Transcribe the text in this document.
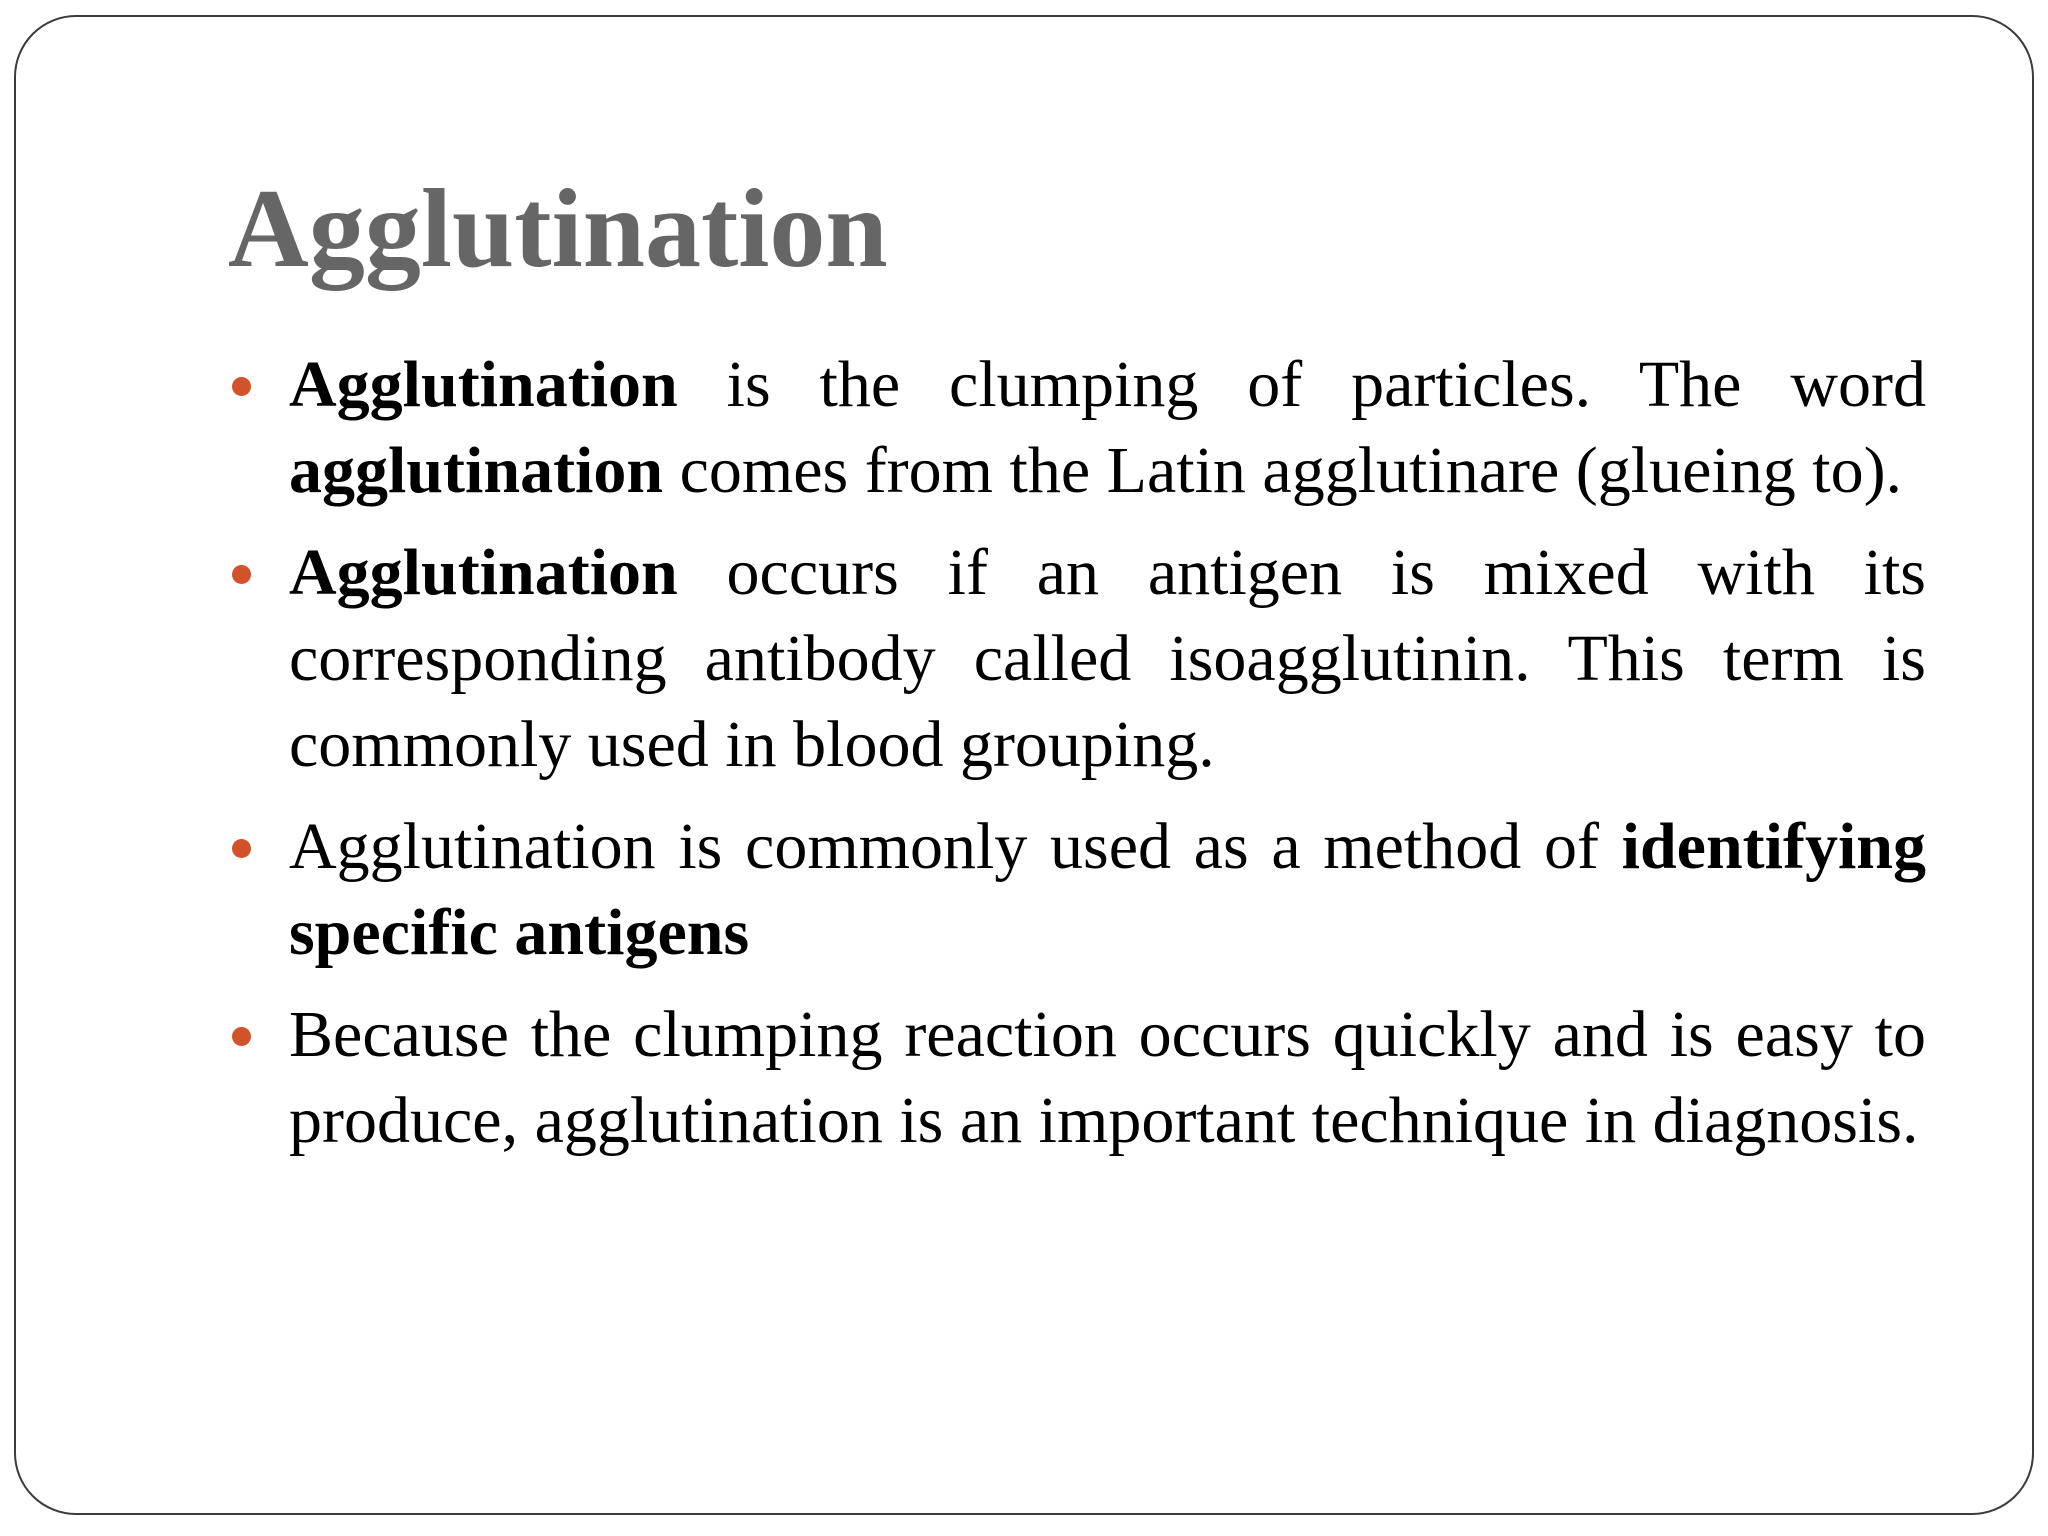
Agglutination
Agglutination is the clumping of particles. The word agglutination comes from the Latin agglutinare (glueing to).
Agglutination occurs if an antigen is mixed with its corresponding antibody called isoagglutinin. This term is commonly used in blood grouping.
Agglutination is commonly used as a method of identifying specific antigens
Because the clumping reaction occurs quickly and is easy to produce, agglutination is an important technique in diagnosis.
